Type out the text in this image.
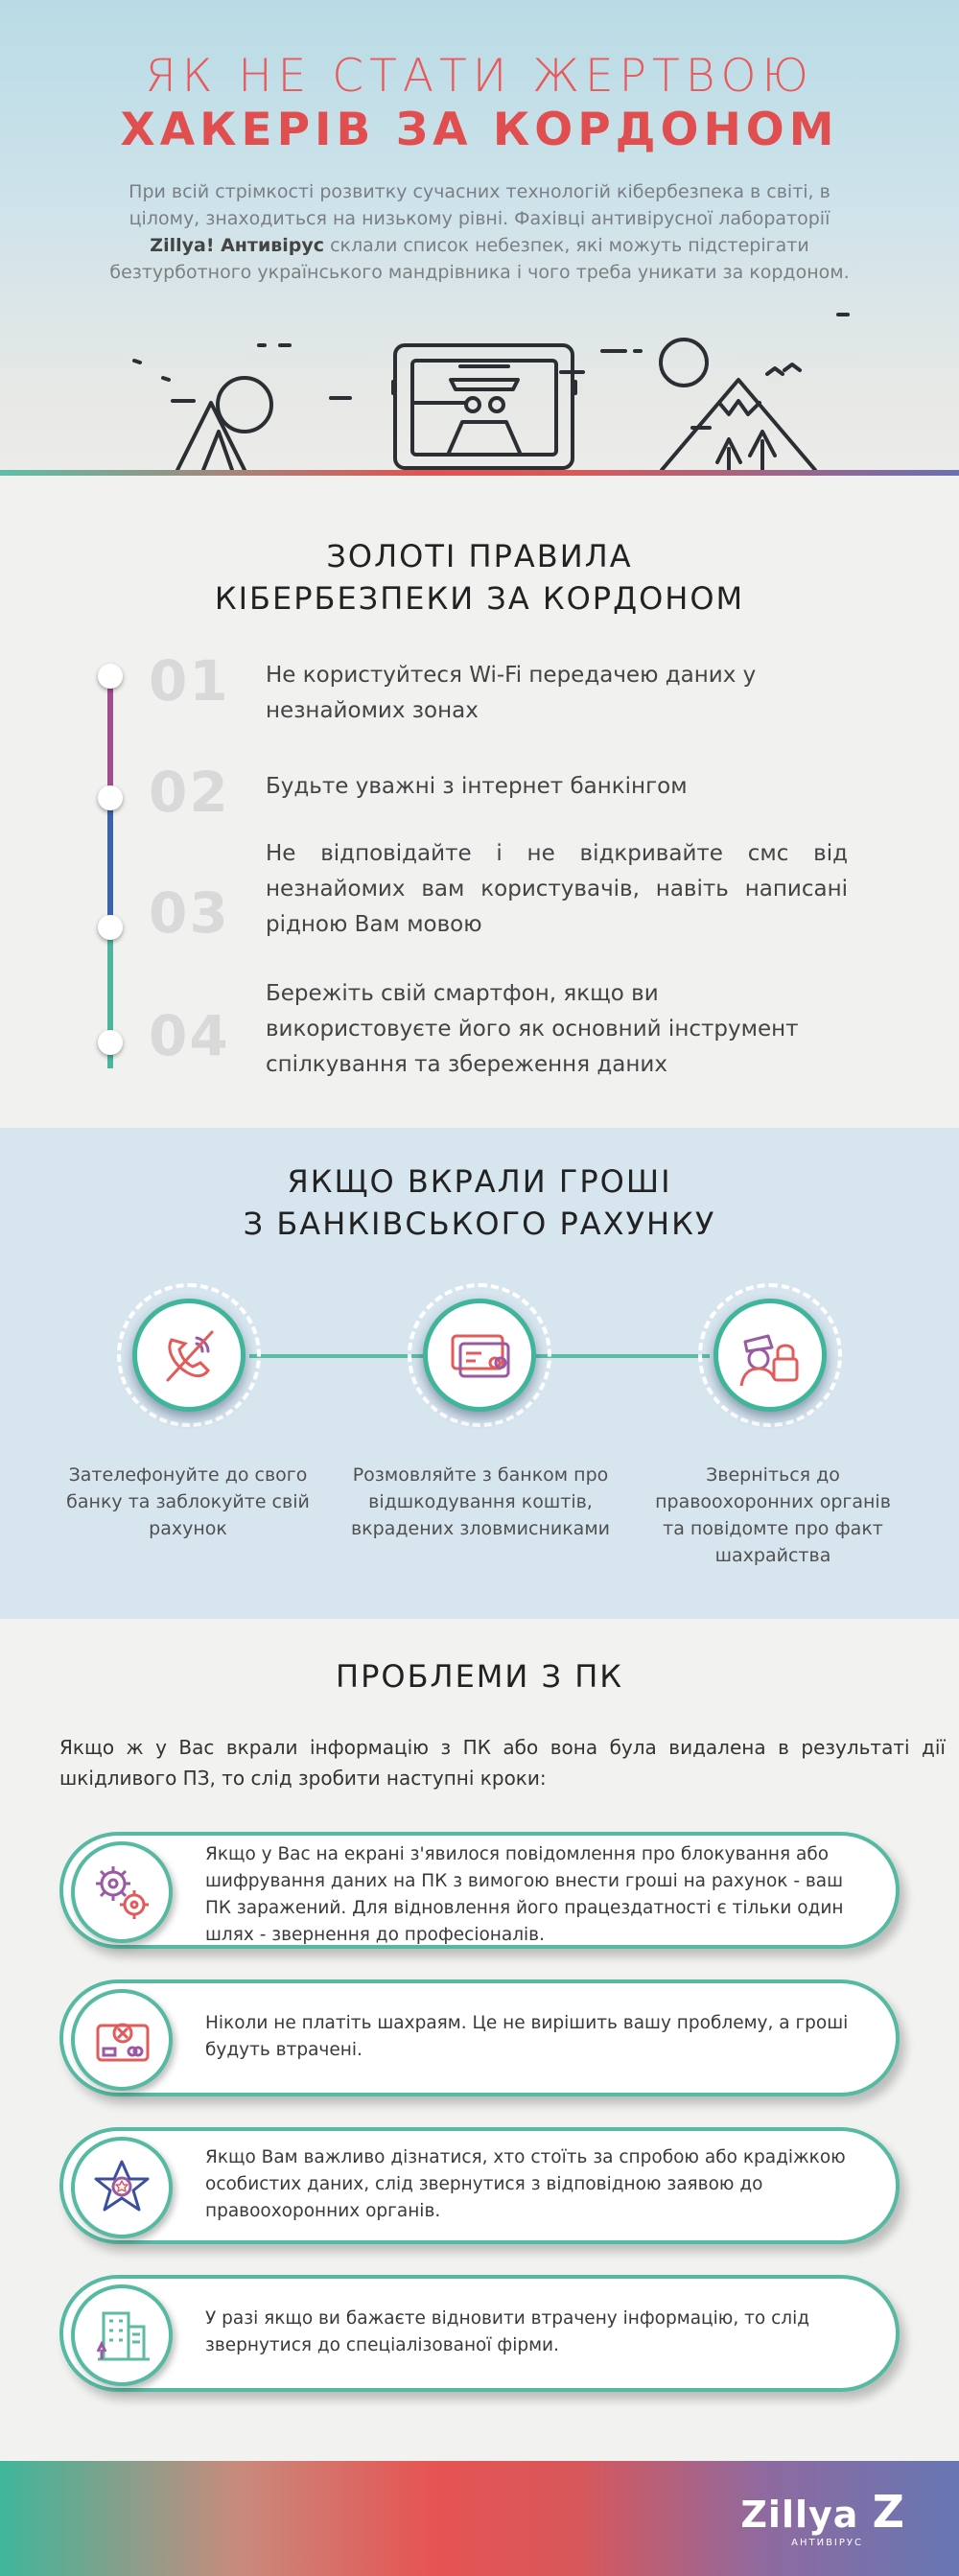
ЯК НЕ СТАТИ ЖЕРТВОЮ
ХАКЕРІВ ЗА КОРДОНОМ
При всій стрімкості розвитку сучасних технологій кібербезпека в світі, в цілому, знаходиться на низькому рівні. Фахівці антивірусної лабораторії Zillya! Антивірус склали список небезпек, які можуть підстерігати безтурботного українського мандрівника і чого треба уникати за кордоном.
ЗОЛОТІ ПРАВИЛА
КІБЕРБЕЗПЕКИ ЗА КОРДОНОМ
01 Не користуйтеся Wi-Fi передачею даних у незнайомих зонах
02 Будьте уважні з інтернет банкінгом
03
Не відповідайте і не відкривайте смс від незнайомих вам користувачів, навіть написані рідною Вам мовою
04
Бережіть свій смартфон, якщо ви використовуєте його як основний інструмент спілкування та збереження даних
ЯКЩО ВКРАЛИ ГРОШІ
З БАНКІВСЬКОГО РАХУНКУ
Зателефонуйте до свого банку та заблокуйте свій рахунок
Розмовляйте з банком про відшкодування коштів, вкрадених зловмисниками
Зверніться до правоохоронних органів та повідомте про факт шахрайства
ПРОБЛЕМИ З ПК
Якщо ж у Вас вкрали інформацію з ПК або вона була видалена в результаті дії шкідливого ПЗ, то слід зробити наступні кроки:
Якщо у Вас на екрані з'явилося повідомлення про блокування або шифрування даних на ПК з вимогою внести гроші на рахунок - ваш ПК заражений. Для відновлення його працездатності є тільки один шлях - звернення до професіоналів.
Ніколи не платіть шахраям. Це не вирішить вашу проблему, а гроші будуть втрачені.
Якщо Вам важливо дізнатися, хто стоїть за спробою або крадіжкою особистих даних, слід звернутися з відповідною заявою до правоохоронних органів.
У разі якщо ви бажаєте відновити втрачену інформацію, то слід звернутися до спеціалізованої фірми.
Zillya Z
АНТИВІРУС
